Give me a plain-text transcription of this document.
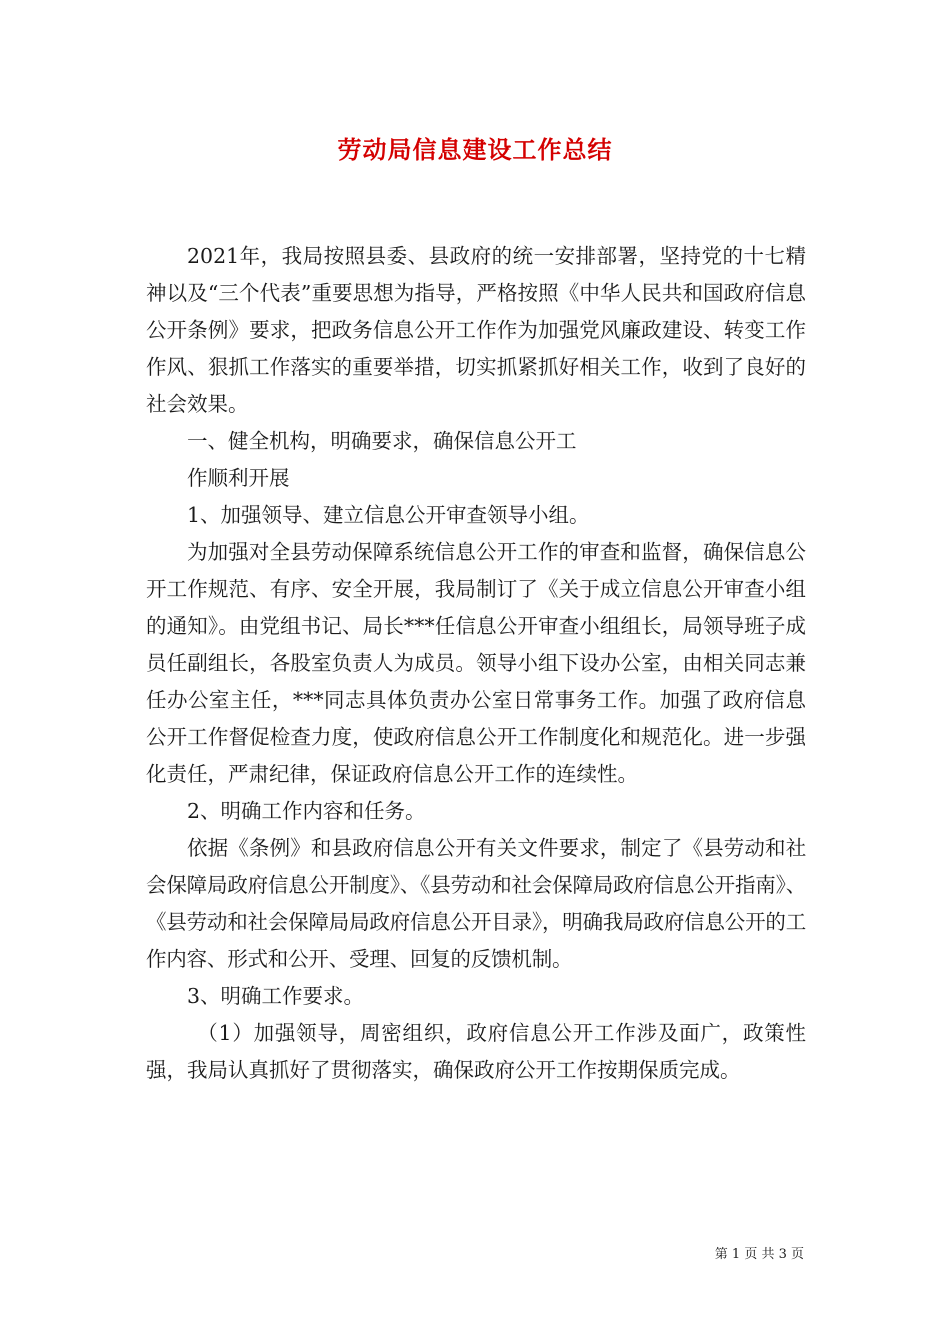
劳动局信息建设工作总结

2021年，我局按照县委、县政府的统一安排部署，坚持党的十七精神以及“三个代表”重要思想为指导，严格按照《中华人民共和国政府信息公开条例》要求，把政务信息公开工作作为加强党风廉政建设、转变工作作风、狠抓工作落实的重要举措，切实抓紧抓好相关工作，收到了良好的社会效果。

一、健全机构，明确要求，确保信息公开工

作顺利开展

1、加强领导、建立信息公开审查领导小组。

为加强对全县劳动保障系统信息公开工作的审查和监督，确保信息公开工作规范、有序、安全开展，我局制订了《关于成立信息公开审查小组的通知》。由党组书记、局长***任信息公开审查小组组长，局领导班子成员任副组长，各股室负责人为成员。领导小组下设办公室，由相关同志兼任办公室主任，***同志具体负责办公室日常事务工作。加强了政府信息公开工作督促检查力度，使政府信息公开工作制度化和规范化。进一步强化责任，严肃纪律，保证政府信息公开工作的连续性。

2、明确工作内容和任务。

依据《条例》和县政府信息公开有关文件要求，制定了《县劳动和社会保障局政府信息公开制度》、《县劳动和社会保障局政府信息公开指南》、《县劳动和社会保障局局政府信息公开目录》，明确我局政府信息公开的工作内容、形式和公开、受理、回复的反馈机制。

3、明确工作要求。

（1）加强领导，周密组织，政府信息公开工作涉及面广，政策性强，我局认真抓好了贯彻落实，确保政府公开工作按期保质完成。

第 1 页 共 3 页
